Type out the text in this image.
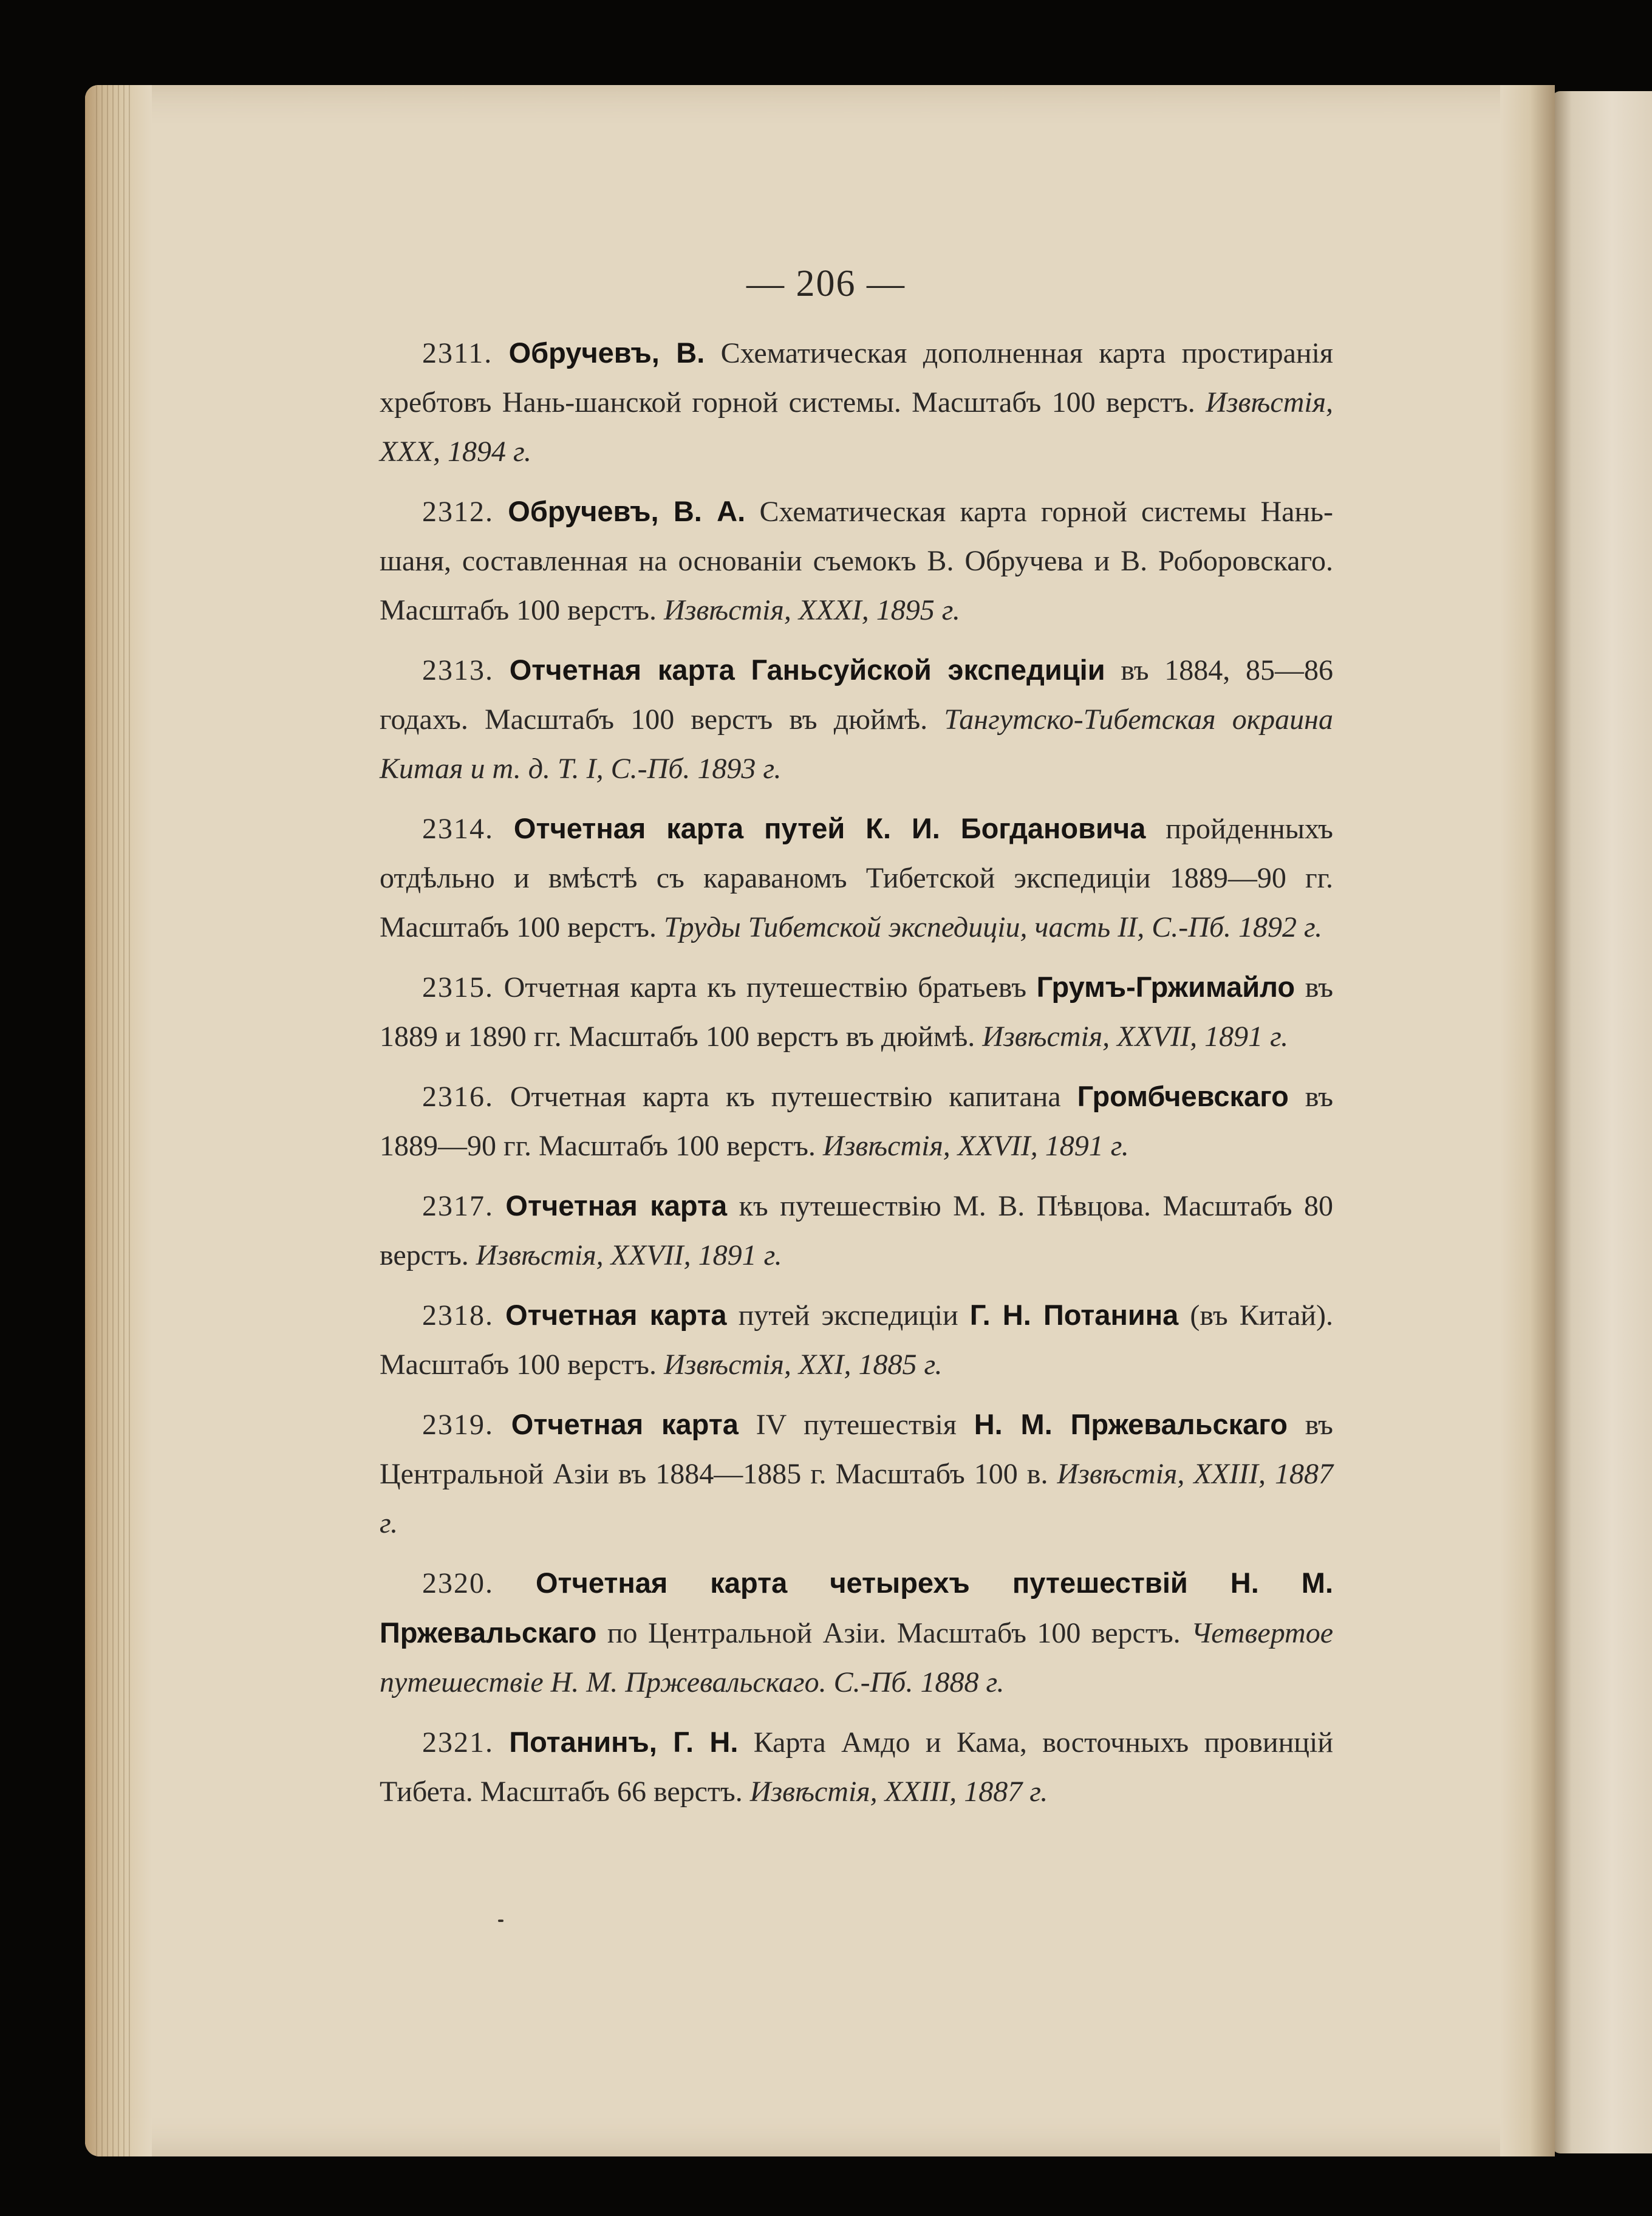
— 206 —

2311. Обручевъ, В. Схематическая дополненная карта простиранія хребтовъ Нань-шанской горной системы. Масштабъ 100 верстъ. Извѣстія, XXX, 1894 г.

2312. Обручевъ, В. А. Схематическая карта горной системы Нань-шаня, составленная на основаніи съемокъ В. Обручева и В. Роборовскаго. Масштабъ 100 верстъ. Извѣстія, XXXI, 1895 г.

2313. Отчетная карта Ганьсуйской экспедиціи въ 1884, 85—86 годахъ. Масштабъ 100 верстъ въ дюймѣ. Тангутско-Тибетская окраина Китая и т. д. Т. I, С.-Пб. 1893 г.

2314. Отчетная карта путей К. И. Богдановича пройденныхъ отдѣльно и вмѣстѣ съ караваномъ Тибетской экспедиціи 1889—90 гг. Масштабъ 100 верстъ. Труды Тибетской экспедиціи, часть II, С.-Пб. 1892 г.

2315. Отчетная карта къ путешествію братьевъ Грумъ-Гржимайло въ 1889 и 1890 гг. Масштабъ 100 верстъ въ дюймѣ. Извѣстія, XXVII, 1891 г.

2316. Отчетная карта къ путешествію капитана Громбчевскаго въ 1889—90 гг. Масштабъ 100 верстъ. Извѣстія, XXVII, 1891 г.

2317. Отчетная карта къ путешествію М. В. Пѣвцова. Масштабъ 80 верстъ. Извѣстія, XXVII, 1891 г.

2318. Отчетная карта путей экспедиціи Г. Н. Потанина (въ Китай). Масштабъ 100 верстъ. Извѣстія, XXI, 1885 г.

2319. Отчетная карта IV путешествія Н. М. Пржевальскаго въ Центральной Азіи въ 1884—1885 г. Масштабъ 100 в. Извѣстія, XXIII, 1887 г.

2320. Отчетная карта четырехъ путешествій Н. М. Пржевальскаго по Центральной Азіи. Масштабъ 100 верстъ. Четвертое путешествіе Н. М. Пржевальскаго. С.-Пб. 1888 г.

2321. Потанинъ, Г. Н. Карта Амдо и Кама, восточныхъ провинцій Тибета. Масштабъ 66 верстъ. Извѣстія, XXIII, 1887 г.
